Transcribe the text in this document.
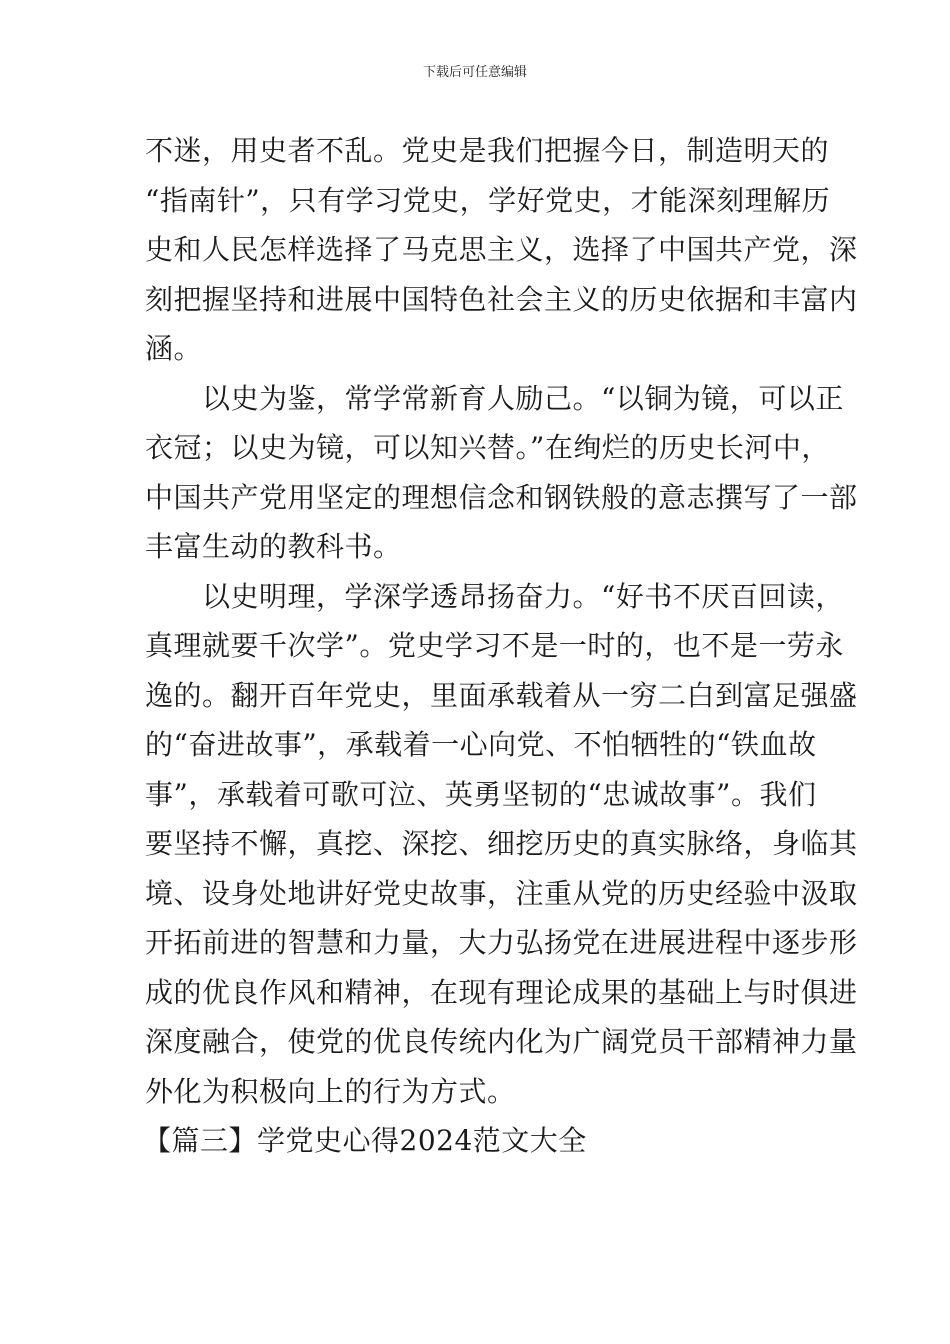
下载后可任意编辑
不迷，用史者不乱。党史是我们把握今日，制造明天的
“指南针”，只有学习党史，学好党史，才能深刻理解历
史和人民怎样选择了马克思主义，选择了中国共产党，深
刻把握坚持和进展中国特色社会主义的历史依据和丰富内
涵。
　　以史为鉴，常学常新育人励己。“以铜为镜，可以正
衣冠；以史为镜，可以知兴替。”在绚烂的历史长河中，
中国共产党用坚定的理想信念和钢铁般的意志撰写了一部
丰富生动的教科书。
　　以史明理，学深学透昂扬奋力。“好书不厌百回读，
真理就要千次学”。党史学习不是一时的，也不是一劳永
逸的。翻开百年党史，里面承载着从一穷二白到富足强盛
的“奋进故事”，承载着一心向党、不怕牺牲的“铁血故
事”，承载着可歌可泣、英勇坚韧的“忠诚故事”。我们
要坚持不懈，真挖、深挖、细挖历史的真实脉络，身临其
境、设身处地讲好党史故事，注重从党的历史经验中汲取
开拓前进的智慧和力量，大力弘扬党在进展进程中逐步形
成的优良作风和精神，在现有理论成果的基础上与时俱进
深度融合，使党的优良传统内化为广阔党员干部精神力量
外化为积极向上的行为方式。
【篇三】学党史心得2024范文大全
